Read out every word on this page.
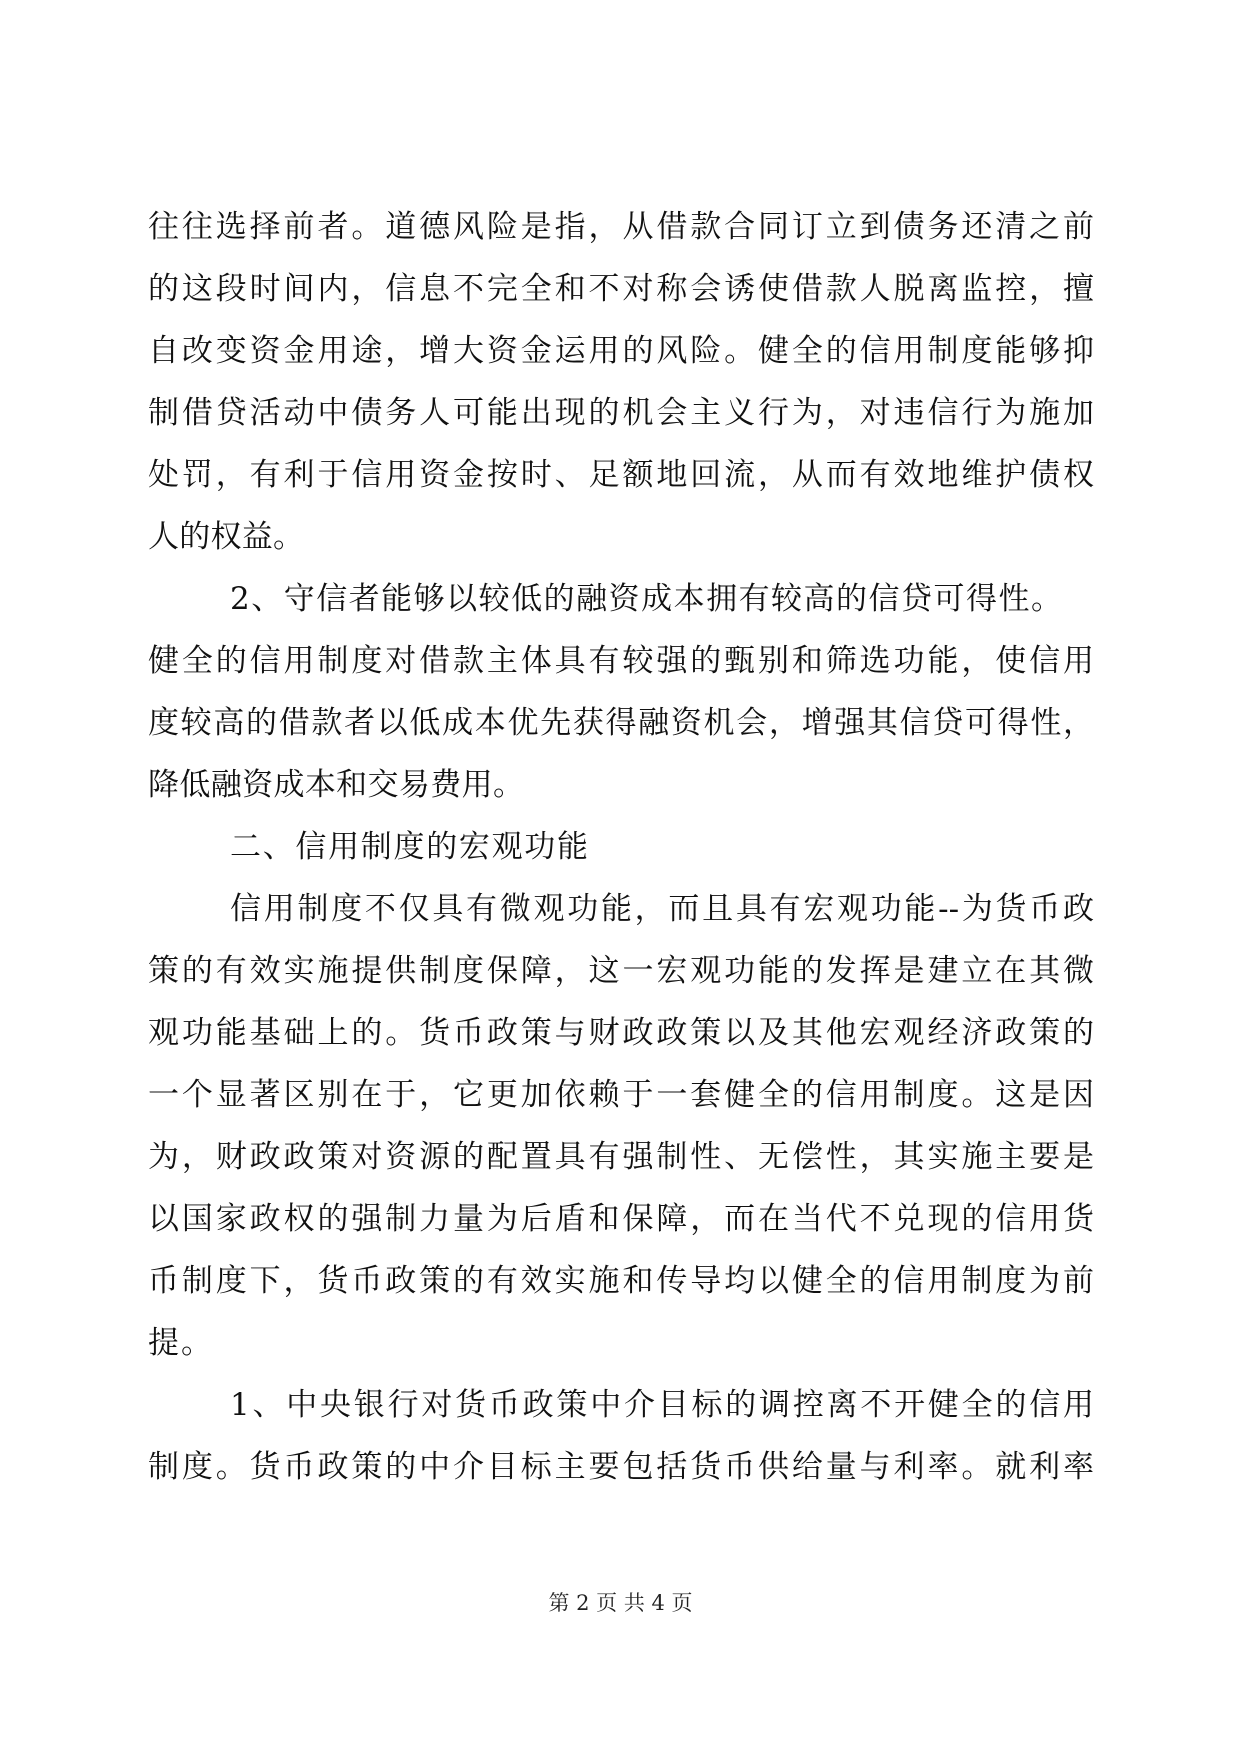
往往选择前者。道德风险是指，从借款合同订立到债务还清之前
的这段时间内，信息不完全和不对称会诱使借款人脱离监控，擅
自改变资金用途，增大资金运用的风险。健全的信用制度能够抑
制借贷活动中债务人可能出现的机会主义行为，对违信行为施加
处罚，有利于信用资金按时、足额地回流，从而有效地维护债权
人的权益。
2、守信者能够以较低的融资成本拥有较高的信贷可得性。
健全的信用制度对借款主体具有较强的甄别和筛选功能，使信用
度较高的借款者以低成本优先获得融资机会，增强其信贷可得性，
降低融资成本和交易费用。
二、信用制度的宏观功能
信用制度不仅具有微观功能，而且具有宏观功能--为货币政
策的有效实施提供制度保障，这一宏观功能的发挥是建立在其微
观功能基础上的。货币政策与财政政策以及其他宏观经济政策的
一个显著区别在于，它更加依赖于一套健全的信用制度。这是因
为，财政政策对资源的配置具有强制性、无偿性，其实施主要是
以国家政权的强制力量为后盾和保障，而在当代不兑现的信用货
币制度下，货币政策的有效实施和传导均以健全的信用制度为前
提。
1、中央银行对货币政策中介目标的调控离不开健全的信用
制度。货币政策的中介目标主要包括货币供给量与利率。就利率
第 2 页 共 4 页
